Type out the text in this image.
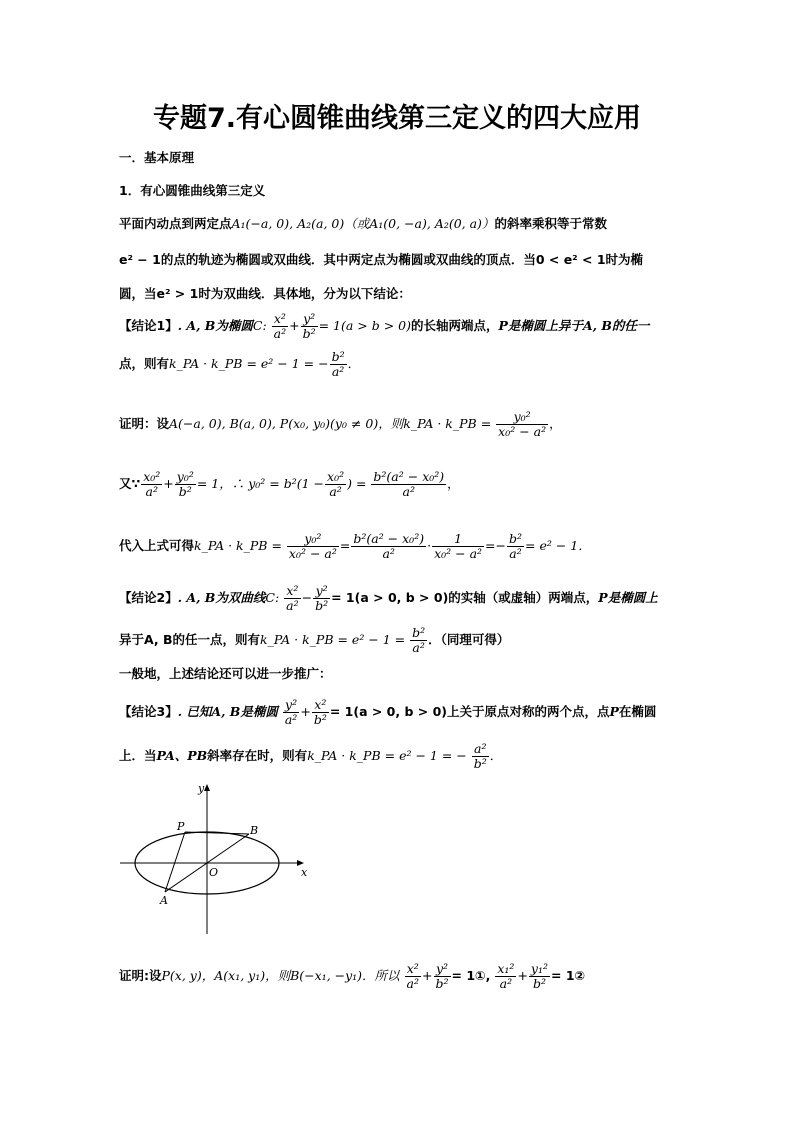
专题7.有心圆锥曲线第三定义的四大应用
一．基本原理
1．有心圆锥曲线第三定义
平面内动点到两定点A₁(−a, 0), A₂(a, 0)（或A₁(0, −a), A₂(0, a)）的斜率乘积等于常数
e² − 1的点的轨迹为椭圆或双曲线．其中两定点为椭圆或双曲线的顶点．当0 < e² < 1时为椭
圆，当e² > 1时为双曲线．具体地，分为以下结论：
【结论1】. A, B为椭圆C: $\frac{\text{x²}}{\text{a²}} + \frac{\text{y²}}{\text{b²}} = 1(a > b > 0)$的长轴两端点，P是椭圆上异于A, B的任一
点，则有k_PA · k_PB = e² − 1 = − $\frac{\text{b²}}{\text{a²}}$ ．
证明：设A(−a, 0), B(a, 0), P(x₀, y₀)(y₀ ≠ 0)，则k_PA · k_PB = $\frac{\text{y₀²}}{\text{x₀² − a²}}$ ，
又∵ $\frac{\text{x₀²}}{\text{a²}} + \frac{\text{y₀²}}{\text{b²}} = 1$，∴ $y_0^2 = b^2(1 - \frac{\text{x₀²}}{\text{a²}}$ ) = $\frac{\text{b²(a² − x₀²)}}{\text{a²}}$ ，
代入上式可得k_PA · k_PB = $\frac{\text{y₀²}}{\text{x₀² − a²}} = \frac{\text{b²(a² − x₀²)}}{\text{a²}} \cdot \frac{1}{\text{x₀² − a²}} =- \frac{\text{b²}}{\text{a²}} = e^2 - 1$．
【结论2】. A, B为双曲线C: $\frac{\text{x²}}{\text{a²}} - \frac{\text{y²}}{\text{b²}} = 1(a > 0$, b > 0)的实轴（或虚轴）两端点，P是椭圆上
异于A, B的任一点，则有k_PA · k_PB = $e^2 - 1 = \frac{\text{b²}}{\text{a²}}$ ．（同理可得）
一般地，上述结论还可以进一步推广：
【结论3】. 已知A, B是椭圆 $\frac{\text{y²}}{\text{a²}} + \frac{\text{x²}}{\text{b²}} = 1(a > 0$, b > 0)上关于原点对称的两个点，点P在椭圆
上．当PA、PB斜率存在时，则有k_PA · k_PB = e² − 1 = − $\frac{\text{a²}}{\text{b²}}$ ．
y
x
O
P	B
A
证明:设P(x, y)，A(x₁, y₁)，则B(−x₁, −y₁)．所以 $\frac{\text{x²}}{\text{a²}} + \frac{\text{y²}}{\text{b²}}$ = 1①, $\frac{\text{x₁²}}{\text{a²}} + \frac{\text{y₁²}}{\text{b²}}$ = 1②
